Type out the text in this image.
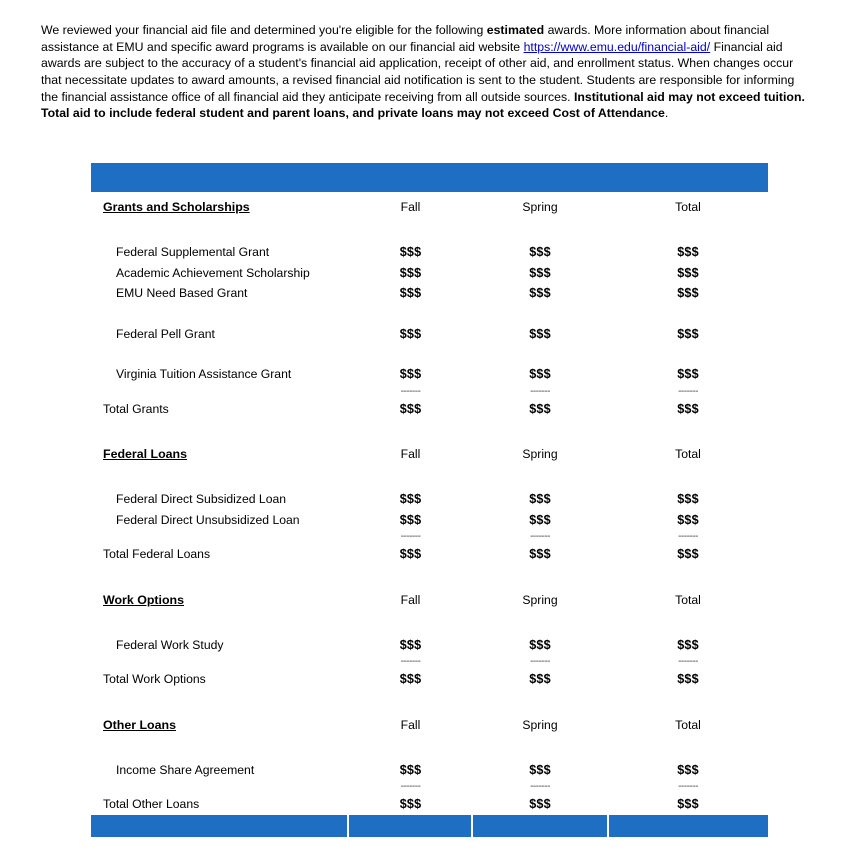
We reviewed your financial aid file and determined you're eligible for the following estimated awards. More information about financial assistance at EMU and specific award programs is available on our financial aid website https://www.emu.edu/financial-aid/ Financial aid awards are subject to the accuracy of a student's financial aid application, receipt of other aid, and enrollment status. When changes occur that necessitate updates to award amounts, a revised financial aid notification is sent to the student. Students are responsible for informing the financial assistance office of all financial aid they anticipate receiving from all outside sources. Institutional aid may not exceed tuition. Total aid to include federal student and parent loans, and private loans may not exceed Cost of Attendance.

Awards

Grants and Scholarships	Fall	Spring	Total

Federal Supplemental Grant	$$$	$$$	$$$
Academic Achievement Scholarship	$$$	$$$	$$$
EMU Need Based Grant	$$$	$$$	$$$

Federal Pell Grant	$$$	$$$	$$$

Virginia Tuition Assistance Grant	$$$	$$$	$$$
	-------	-------	-------
Total Grants	$$$	$$$	$$$

Federal Loans	Fall	Spring	Total

Federal Direct Subsidized Loan	$$$	$$$	$$$
Federal Direct Unsubsidized Loan	$$$	$$$	$$$
	-------	-------	-------
Total Federal Loans	$$$	$$$	$$$

Work Options	Fall	Spring	Total

Federal Work Study	$$$	$$$	$$$
	-------	-------	-------
Total Work Options	$$$	$$$	$$$

Other Loans	Fall	Spring	Total

Income Share Agreement	$$$	$$$	$$$
	-------	-------	-------
Total Other Loans	$$$	$$$	$$$
